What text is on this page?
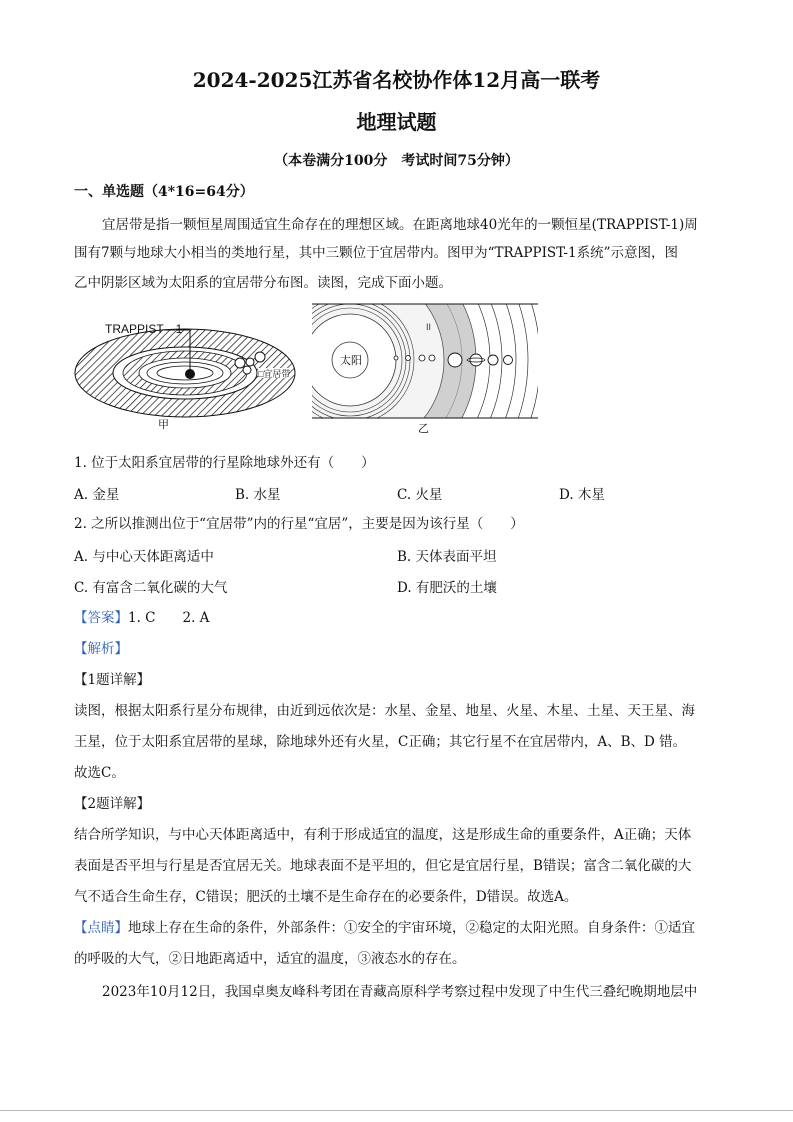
2024-2025江苏省名校协作体12月高一联考
地理试题
（本卷满分100分　考试时间75分钟）
一、单选题（4*16=64分）
宜居带是指一颗恒星周围适宜生命存在的理想区域。在距离地球40光年的一颗恒星(TRAPPIST-1)周
围有7颗与地球大小相当的类地行星，其中三颗位于宜居带内。图甲为“TRAPPIST-1系统”示意图，图
乙中阴影区域为太阳系的宜居带分布图。读图，完成下面小题。
□宜居带
TRAPPIST—1
甲
II
太阳
乙
1. 位于太阳系宜居带的行星除地球外还有（　　）
A. 金星	B. 水星	C. 火星	D. 木星
2. 之所以推测出位于“宜居带”内的行星“宜居”，主要是因为该行星（　　）
A. 与中心天体距离适中	B. 天体表面平坦
C. 有富含二氧化碳的大气	D. 有肥沃的土壤
【答案】1. C　　2. A
【解析】
【1题详解】
读图，根据太阳系行星分布规律，由近到远依次是：水星、金星、地星、火星、木星、土星、天王星、海
王星，位于太阳系宜居带的星球，除地球外还有火星，C正确；其它行星不在宜居带内，A、B、D 错。
故选C。
【2题详解】
结合所学知识，与中心天体距离适中，有利于形成适宜的温度，这是形成生命的重要条件，A正确；天体
表面是否平坦与行星是否宜居无关。地球表面不是平坦的，但它是宜居行星，B错误；富含二氧化碳的大
气不适合生命生存，C错误；肥沃的土壤不是生命存在的必要条件，D错误。故选A。
【点睛】地球上存在生命的条件，外部条件：①安全的宇宙环境，②稳定的太阳光照。自身条件：①适宜
的呼吸的大气，②日地距离适中，适宜的温度，③液态水的存在。
2023年10月12日，我国卓奥友峰科考团在青藏高原科学考察过程中发现了中生代三叠纪晚期地层中
